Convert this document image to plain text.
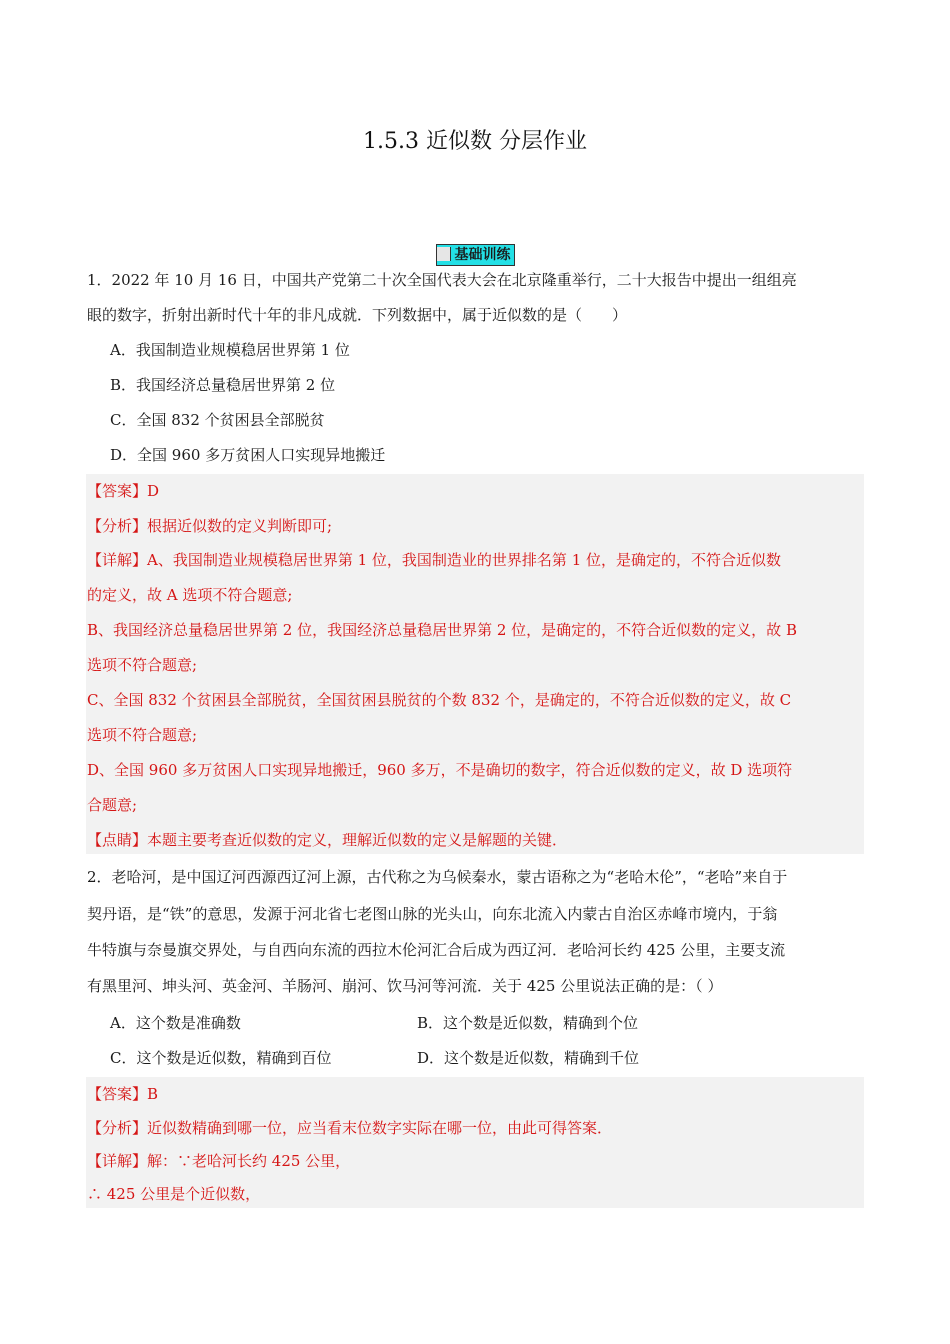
1.5.3 近似数 分层作业
基础训练
1．2022 年 10 月 16 日，中国共产党第二十次全国代表大会在北京隆重举行，二十大报告中提出一组组亮
眼的数字，折射出新时代十年的非凡成就．下列数据中，属于近似数的是（　　）
A．我国制造业规模稳居世界第 1 位
B．我国经济总量稳居世界第 2 位
C．全国 832 个贫困县全部脱贫
D．全国 960 多万贫困人口实现异地搬迁
【答案】D
【分析】根据近似数的定义判断即可;
【详解】A、我国制造业规模稳居世界第 1 位，我国制造业的世界排名第 1 位，是确定的，不符合近似数
的定义，故 A 选项不符合题意;
B、我国经济总量稳居世界第 2 位，我国经济总量稳居世界第 2 位，是确定的，不符合近似数的定义，故 B
选项不符合题意;
C、全国 832 个贫困县全部脱贫，全国贫困县脱贫的个数 832 个，是确定的，不符合近似数的定义，故 C
选项不符合题意;
D、全国 960 多万贫困人口实现异地搬迁，960 多万，不是确切的数字，符合近似数的定义，故 D 选项符
合题意;
【点睛】本题主要考查近似数的定义，理解近似数的定义是解题的关键．
2．老哈河，是中国辽河西源西辽河上源，古代称之为乌候秦水，蒙古语称之为“老哈木伦”，“老哈”来自于
契丹语，是“铁”的意思，发源于河北省七老图山脉的光头山，向东北流入内蒙古自治区赤峰市境内，于翁
牛特旗与奈曼旗交界处，与自西向东流的西拉木伦河汇合后成为西辽河．老哈河长约 425 公里，主要支流
有黑里河、坤头河、英金河、羊肠河、崩河、饮马河等河流．关于 425 公里说法正确的是：（ ）
A．这个数是准确数	B．这个数是近似数，精确到个位
C．这个数是近似数，精确到百位	D．这个数是近似数，精确到千位
【答案】B
【分析】近似数精确到哪一位，应当看末位数字实际在哪一位，由此可得答案．
【详解】解：∵老哈河长约 425 公里，
∴ 425 公里是个近似数，
